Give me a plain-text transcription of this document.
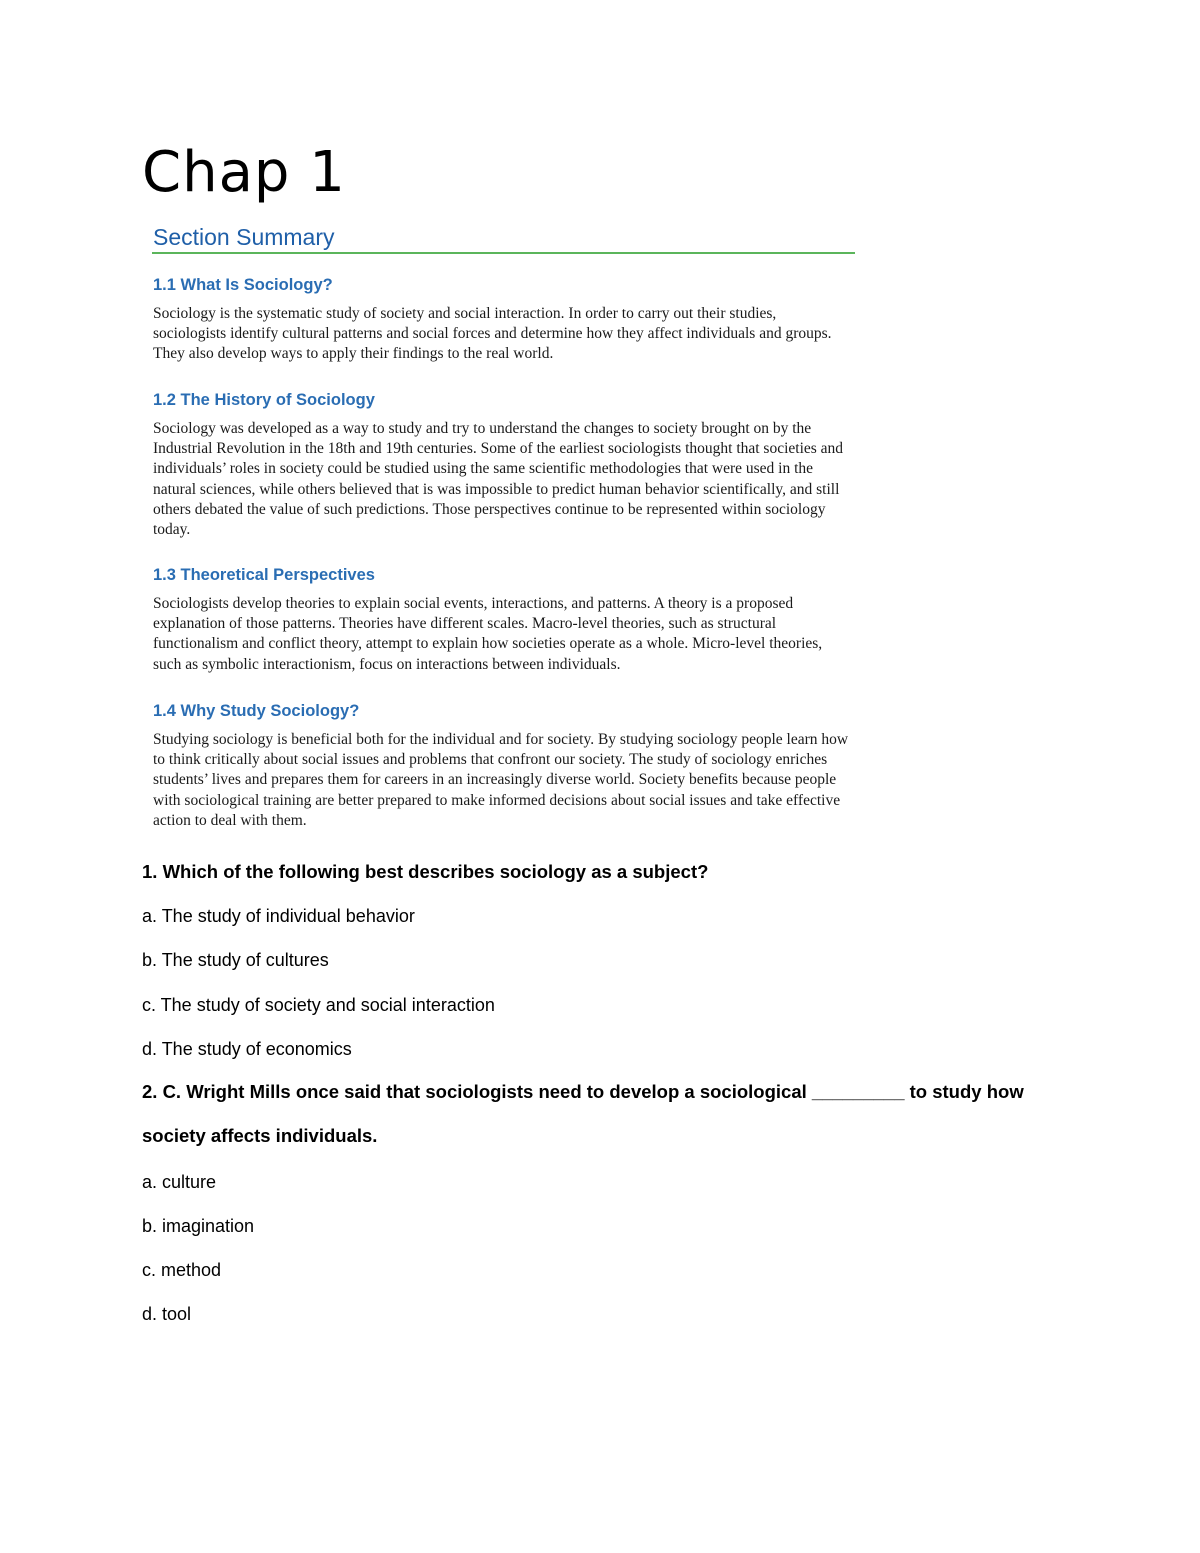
Chap 1
Section Summary
1.1 What Is Sociology?

Sociology is the systematic study of society and social interaction. In order to carry out their studies, sociologists identify cultural patterns and social forces and determine how they affect individuals and groups. They also develop ways to apply their findings to the real world.

1.2 The History of Sociology

Sociology was developed as a way to study and try to understand the changes to society brought on by the Industrial Revolution in the 18th and 19th centuries. Some of the earliest sociologists thought that societies and individuals’ roles in society could be studied using the same scientific methodologies that were used in the natural sciences, while others believed that is was impossible to predict human behavior scientifically, and still others debated the value of such predictions. Those perspectives continue to be represented within sociology today.

1.3 Theoretical Perspectives

Sociologists develop theories to explain social events, interactions, and patterns. A theory is a proposed explanation of those patterns. Theories have different scales. Macro-level theories, such as structural functionalism and conflict theory, attempt to explain how societies operate as a whole. Micro-level theories, such as symbolic interactionism, focus on interactions between individuals.

1.4 Why Study Sociology?

Studying sociology is beneficial both for the individual and for society. By studying sociology people learn how to think critically about social issues and problems that confront our society. The study of sociology enriches students’ lives and prepares them for careers in an increasingly diverse world. Society benefits because people with sociological training are better prepared to make informed decisions about social issues and take effective action to deal with them.

1. Which of the following best describes sociology as a subject?

a. The study of individual behavior

b. The study of cultures

c. The study of society and social interaction

d. The study of economics

2. C. Wright Mills once said that sociologists need to develop a sociological _________ to study how society affects individuals.

a. culture

b. imagination

c. method

d. tool
